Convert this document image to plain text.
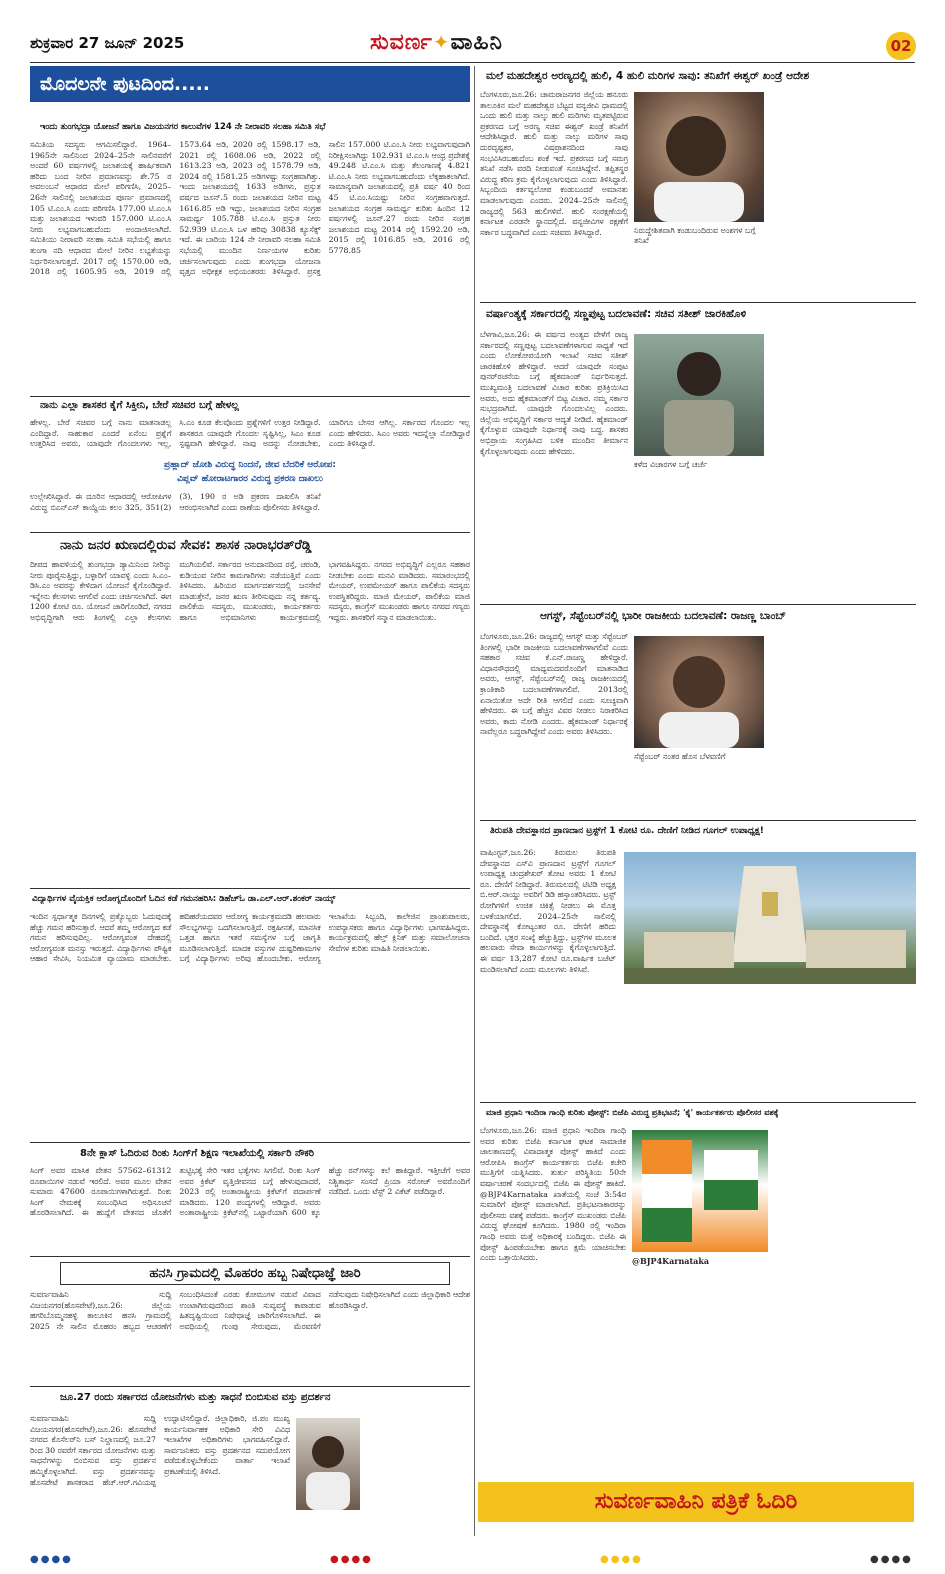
ಶುಕ್ರವಾರ 27 ಜೂನ್ 2025	ಸುವರ್ಣ✦ವಾಹಿನಿ	02
ಮೊದಲನೇ ಪುಟದಿಂದ.....
ಇಂದು ತುಂಗಭದ್ರಾ ಯೋಜನೆ ಹಾಗೂ ವಿಜಯನಗರ ಕಾಲುವೆಗಳ 124 ನೇ ನೀರಾವರಿ ಸಲಹಾ ಸಮಿತಿ ಸಭೆ
ಸಮಿತಿಯ ಸದಸ್ಯರು ಆಗಮಿಸಲಿದ್ದಾರೆ. 1964–1965ನೇ ಸಾಲಿನಿಂದ 2024–25ನೇ ಸಾಲಿನವರೆಗೆ ಅಂದರೆ 60 ವರ್ಷಗಳಲ್ಲಿ ಜಲಾಶಯಕ್ಕೆ ಹಾರ್ಷಿಕವಾಗಿ ಹರಿದು ಬಂದ ನೀರಿನ ಪ್ರಮಾಣವನ್ನು ಶೇ.75 ರ ಅವಲಂಬನೆ ಆಧಾರದ ಮೇಲೆ ಪರಿಗಣಿಸಿ, 2025–26ನೇ ಸಾಲಿನಲ್ಲಿ ಜಲಾಶಯದ ಪೂರ್ಣ ಪ್ರಮಾಣದಲ್ಲಿ 105 ಟಿ.ಎಂ.ಸಿ ಎಂದು ಪರಿಗಣಿಸಿ 177.00 ಟಿ.ಎಂ.ಸಿ ಮತ್ತು ಜಲಾಶಯದ ಇಳುವರಿ 157.000 ಟಿ.ಎಂ.ಸಿ ನೀರು ಲಭ್ಯವಾಗಬಹುದೆಂದು ಅಂದಾಜಿಸಲಾಗಿದೆ. ಸಮಿತಿಯು ನೀರಾವರಿ ಸಲಹಾ ಸಮಿತಿ ಸಭೆಯಲ್ಲಿ ಹಾಗೂ ತುಂಗಾ ನದಿ ಆಧಾರದ ಮೇಲೆ ನೀರಿನ ಲಭ್ಯತೆಯನ್ನು ನಿರ್ಧರಿಸಲಾಗುತ್ತದೆ. 2017 ರಲ್ಲಿ 1570.00 ಅಡಿ, 2018 ರಲ್ಲಿ 1605.95 ಅಡಿ, 2019 ರಲ್ಲಿ 1573.64 ಅಡಿ, 2020 ರಲ್ಲಿ 1598.17 ಅಡಿ, 2021 ರಲ್ಲಿ 1608.06 ಅಡಿ, 2022 ರಲ್ಲಿ 1613.23 ಅಡಿ, 2023 ರಲ್ಲಿ 1578.79 ಅಡಿ, 2024 ರಲ್ಲಿ 1581.25 ಅಡಿಗಳಷ್ಟು ಸಂಗ್ರಹವಾಗಿತ್ತು. ಇಂದು ಜಲಾಶಯದಲ್ಲಿ 1633 ಅಡಿಗಳು, ಪ್ರಸ್ತುತ ವರ್ಷದ ಜೂನ್.5 ರಂದು ಜಲಾಶಯದ ನೀರಿನ ಮಟ್ಟ 1616.85 ಅಡಿ ಇದ್ದು, ಜಲಾಶಯದ ನೀರಿನ ಸಂಗ್ರಹ ಸಾಮರ್ಥ್ಯ 105.788 ಟಿ.ಎಂ.ಸಿ ಪ್ರಸ್ತುತ ನೀರು 52.939 ಟಿ.ಎಂ.ಸಿ ಒಳ ಹರಿವು 30838 ಕ್ಯೂಸೆಕ್ಸ್ ಇದೆ. ಈ ಬಾರಿಯ 124 ನೇ ನೀರಾವರಿ ಸಲಹಾ ಸಮಿತಿ ಸಭೆಯಲ್ಲಿ ಮುಂದಿನ ನಿರ್ಣಯಗಳ ಕುರಿತು ಚರ್ಚಿಸಲಾಗುವುದು ಎಂದು ತುಂಗಭದ್ರಾ ಯೋಜನಾ ವೃತ್ತದ ಅಧೀಕ್ಷಕ ಅಭಿಯಂತರರು ತಿಳಿಸಿದ್ದಾರೆ. ಪ್ರಸಕ್ತ ಸಾಲಿನ 157.000 ಟಿ.ಎಂ.ಸಿ ನೀರು ಲಭ್ಯವಾಗುವುದಾಗಿ ನಿರೀಕ್ಷಿಸಲಾಗಿದ್ದು 102.931 ಟಿ.ಎಂ.ಸಿ ಆಂಧ್ರ ಪ್ರದೇಶಕ್ಕೆ 49.248 ಟಿ.ಎಂ.ಸಿ ಮತ್ತು ತೆಲಂಗಾಣಕ್ಕೆ 4.821 ಟಿ.ಎಂ.ಸಿ ನೀರು ಲಭ್ಯವಾಗಬಹುದೆಂದು ಲೆಕ್ಕಹಾಕಲಾಗಿದೆ. ಸಾಮಾನ್ಯವಾಗಿ ಜಲಾಶಯದಲ್ಲಿ ಪ್ರತಿ ವರ್ಷ 40 ರಿಂದ 45 ಟಿ.ಎಂ.ಸಿಯಷ್ಟು ನೀರಿನ ಸಂಗ್ರಹವಾಗುತ್ತದೆ. ಜಲಾಶಯದ ಸಂಗ್ರಹ ಸಾಮರ್ಥ್ಯ ಕುರಿತು ಹಿಂದಿನ 12 ವರ್ಷಗಳಲ್ಲಿ ಜೂನ್.27 ರಂದು ನೀರಿನ ಸಂಗ್ರಹ ಜಲಾಶಯದ ಮಟ್ಟ 2014 ರಲ್ಲಿ 1592.20 ಅಡಿ, 2015 ರಲ್ಲಿ 1016.85 ಅಡಿ, 2016 ರಲ್ಲಿ 5778.85
ನಾನು ಎಲ್ಲಾ ಶಾಸಕರ ಕೈಗೆ ಸಿಕ್ತೀನಿ, ಬೇರೆ ಸಚಿವರ ಬಗ್ಗೆ ಹೇಳಲ್ಲ
ಹೇಳಲ್ಲ. ಬೇರೆ ಸಚಿವರ ಬಗ್ಗೆ ನಾನು ಮಾತನಾಡಲ್ಲ ಎಂದಿದ್ದಾರೆ. ಸಾಹುಕಾರ ಎಂದರೆ ಏನೆಂಬ ಪ್ರಶ್ನೆಗೆ ಉತ್ತರಿಸಿದ ಅವರು, ಯಾವುದೇ ಗೊಂದಲಗಳು ಇಲ್ಲ, ಸಿ.ಎಂ ಕೂಡ ಕೆಲವೊಂದು ಪ್ರಶ್ನೆಗಳಿಗೆ ಉತ್ತರ ನೀಡಿದ್ದಾರೆ. ಶಾಸಕರೂ ಯಾವುದೇ ಗೊಂದಲ ಸೃಷ್ಟಿಸಿಲ್ಲ, ಸಿಎಂ ಕೂಡ ಸ್ಪಷ್ಟವಾಗಿ ಹೇಳಿದ್ದಾರೆ. ನಾವು ಅದನ್ನು ನೋಡಬೇಕು, ಯಾರಿಗೂ ಬೇಸರ ಆಗಿಲ್ಲ. ಸರ್ಕಾರದ ಗೊಂದಲ ಇಲ್ಲ ಎಂದು ಹೇಳಿದರು. ಸಿಎಂ ಅವರು ಇದನ್ನೆಲ್ಲಾ ನೋಡಿದ್ದಾರೆ ಎಂದು ತಿಳಿಸಿದ್ದಾರೆ.
ಪ್ರಹ್ಲಾದ್ ಜೋಶಿ ವಿರುದ್ಧ ನಿಂದನೆ, ಜೀವ ಬೆದರಿಕೆ ಆರೋಪ:
ವಿಪ್ಲವ್ ಹೋರಾಟಗಾರರ ವಿರುದ್ಧ ಪ್ರಕರಣ ದಾಖಲು
ಉಲ್ಲೇಖಿಸಿದ್ದಾರೆ. ಈ ದೂರಿನ ಆಧಾರದಲ್ಲಿ ಆರೋಪಿಗಳ ವಿರುದ್ಧ ಬಿಎನ್‌ಎಸ್ ಕಾಯ್ದೆಯ ಕಲಂ 325, 351(2)(3), 190 ರ ಅಡಿ ಪ್ರಕರಣ ದಾಖಲಿಸಿ ತನಿಖೆ ಆರಂಭಿಸಲಾಗಿದೆ ಎಂದು ಠಾಣೆಯ ಪೊಲೀಸರು ತಿಳಿಸಿದ್ದಾರೆ.
ನಾನು ಜನರ ಋಣದಲ್ಲಿರುವ ಸೇವಕ: ಶಾಸಕ ನಾರಾಭರತ್‌ರೆಡ್ಡಿ
ದೀಪದ ಹಾವಳಿಯಲ್ಲಿ ತುಂಗಭದ್ರಾ ಡ್ಯಾಮಿನಿಂದ ನೀರಿನ್ನು ನೀರು ಪೂರೈಸುತ್ತಿದ್ದು, ಬಳ್ಳಾರಿಗೆ ಯಾವಳ್ಳಿ ಎಂದು ಸಿ.ಎಂ–ಡಿಸಿ.ಎಂ ಅವರನ್ನು ಕೇಳಿದಾಗ ಯೋಜನೆ ಕೈಗೊಂಡಿದ್ದಾರೆ. ಇನ್ನೇನು ಕೆಲಸಗಳು ಆಗಲಿವೆ ಎಂದು ಚರ್ಚಿಸಲಾಗಿದೆ. ಈಗ 1200 ಕೋಟಿ ರೂ. ಯೋಜನೆ ಜಾರಿಗೊಂಡಿದೆ, ನಗರದ ಅಭಿವೃದ್ಧಿಗಾಗಿ ಆರು ತಿಂಗಳಲ್ಲಿ ಎಲ್ಲಾ ಕೆಲಸಗಳು ಮುಗಿಯಲಿವೆ. ಸರ್ಕಾರದ ಅನುದಾನದಿಂದ ರಸ್ತೆ, ಚರಂಡಿ, ಕುಡಿಯುವ ನೀರಿನ ಕಾಮಗಾರಿಗಳು ನಡೆಯುತ್ತಿವೆ ಎಂದು ತಿಳಿಸಿದರು. ಹಿರಿಯರ ಮಾರ್ಗದರ್ಶನದಲ್ಲಿ ಜನಸೇವೆ ಮಾಡುತ್ತೇನೆ, ಜನರ ಋಣ ತೀರಿಸುವುದು ನನ್ನ ಕರ್ತವ್ಯ. ಪಾಲಿಕೆಯ ಸದಸ್ಯರು, ಮುಖಂಡರು, ಕಾರ್ಯಕರ್ತರು ಹಾಗೂ ಅಭಿಮಾನಿಗಳು ಕಾರ್ಯಕ್ರಮದಲ್ಲಿ ಭಾಗವಹಿಸಿದ್ದರು. ನಗರದ ಅಭಿವೃದ್ಧಿಗೆ ಎಲ್ಲರೂ ಸಹಕಾರ ನೀಡಬೇಕು ಎಂದು ಮನವಿ ಮಾಡಿದರು. ಸಮಾರಂಭದಲ್ಲಿ ಮೇಯರ್, ಉಪಮೇಯರ್ ಹಾಗೂ ಪಾಲಿಕೆಯ ಸದಸ್ಯರು ಉಪಸ್ಥಿತರಿದ್ದರು. ಮಾಜಿ ಮೇಯರ್, ಪಾಲಿಕೆಯ ಮಾಜಿ ಸದಸ್ಯರು, ಕಾಂಗ್ರೆಸ್ ಮುಖಂಡರು ಹಾಗೂ ನಗರದ ಗಣ್ಯರು ಇದ್ದರು. ಶಾಸಕರಿಗೆ ಸನ್ಮಾನ ಮಾಡಲಾಯಿತು.
ವಿದ್ಯಾರ್ಥಿಗಳ ವೈಯಕ್ತಿಕ ಆರೋಗ್ಯದೊಂದಿಗೆ ಓದಿನ ಕಡೆ ಗಮನಹರಿಸಿ: ಡಿಹೆಚ್‌ಓ ಡಾ.ಎಲ್.ಆರ್.ಶಂಕರ್ ನಾಯ್ಕ್
ಇಂದಿನ ಸ್ಪರ್ಧಾತ್ಮಕ ದಿನಗಳಲ್ಲಿ ಪ್ರತ್ಯೊಬ್ಬರು ಓದುವುದಕ್ಕೆ ಹೆಚ್ಚು ಗಮನ ಹರಿಸುತ್ತಾರೆ. ಆದರೆ ತಮ್ಮ ಆರೋಗ್ಯದ ಕಡೆ ಗಮನ ಹರಿಸುವುದಿಲ್ಲ. ಆರೋಗ್ಯವಂತ ದೇಹದಲ್ಲಿ ಆರೋಗ್ಯವಂತ ಮನಸ್ಸು ಇರುತ್ತದೆ. ವಿದ್ಯಾರ್ಥಿಗಳು ಪೌಷ್ಟಿಕ ಆಹಾರ ಸೇವಿಸಿ, ನಿಯಮಿತ ವ್ಯಾಯಾಮ ಮಾಡಬೇಕು. ಹದಿಹರೆಯದವರ ಆರೋಗ್ಯ ಕಾರ್ಯಕ್ರಮದಡಿ ಹಲವಾರು ಸೌಲಭ್ಯಗಳನ್ನು ಒದಗಿಸಲಾಗುತ್ತಿದೆ. ರಕ್ತಹೀನತೆ, ಮಾನಸಿಕ ಒತ್ತಡ ಹಾಗೂ ಇತರೆ ಸಮಸ್ಯೆಗಳ ಬಗ್ಗೆ ಜಾಗೃತಿ ಮೂಡಿಸಲಾಗುತ್ತಿದೆ. ಮಾದಕ ವಸ್ತುಗಳ ದುಷ್ಪರಿಣಾಮಗಳ ಬಗ್ಗೆ ವಿದ್ಯಾರ್ಥಿಗಳು ಅರಿವು ಹೊಂದಬೇಕು. ಆರೋಗ್ಯ ಇಲಾಖೆಯ ಸಿಬ್ಬಂದಿ, ಕಾಲೇಜಿನ ಪ್ರಾಂಶುಪಾಲರು, ಉಪನ್ಯಾಸಕರು ಹಾಗೂ ವಿದ್ಯಾರ್ಥಿಗಳು ಭಾಗವಹಿಸಿದ್ದರು. ಕಾರ್ಯಕ್ರಮದಲ್ಲಿ ಹೆಲ್ತ್ ಕ್ಲಿನಿಕ್ ಮತ್ತು ಸಮಾಲೋಚನಾ ಸೇವೆಗಳ ಕುರಿತು ಮಾಹಿತಿ ನೀಡಲಾಯಿತು.
8ನೇ ಕ್ಲಾಸ್ ಓದಿರುವ ರಿಂಕು ಸಿಂಗ್‌ಗೆ ಶಿಕ್ಷಣ ಇಲಾಖೆಯಲ್ಲಿ ಸರ್ಕಾರಿ ನೌಕರಿ
ಸಿಂಗ್ ಅವರ ಮಾಸಿಕ ವೇತನ 57562–61312 ರೂಪಾಯಿಗಳ ನಡುವೆ ಇರಲಿದೆ. ಅವರ ಮೂಲ ವೇತನ ಸುಮಾರು 47600 ರೂಪಾಯಿಗಳಾಗಿರುತ್ತದೆ. ರಿಂಕು ಸಿಂಗ್ ನೇಮಕಕ್ಕೆ ಸಂಬಂಧಿಸಿದ ಅಧಿಸೂಚನೆ ಹೊರಡಿಸಲಾಗಿದೆ. ಈ ಹುದ್ದೆಗೆ ವೇತನದ ಜೊತೆಗೆ ತುಟ್ಟಿಭತ್ಯೆ ಸೇರಿ ಇತರ ಭತ್ಯೆಗಳು ಸಿಗಲಿವೆ. ರಿಂಕು ಸಿಂಗ್ ಅವರ ಕ್ರಿಕೆಟ್ ವೃತ್ತಿಜೀವನದ ಬಗ್ಗೆ ಹೇಳುವುದಾದರೆ, 2023 ರಲ್ಲಿ ಅಂತಾರಾಷ್ಟ್ರೀಯ ಕ್ರಿಕೆಟ್‌ಗೆ ಪದಾರ್ಪಣೆ ಮಾಡಿದರು. 120 ಪಂದ್ಯಗಳಲ್ಲಿ ಆಡಿದ್ದಾರೆ. ಅವರು ಅಂತಾರಾಷ್ಟ್ರೀಯ ಕ್ರಿಕೆಟ್‌ನಲ್ಲಿ ಒಟ್ಟಾರೆಯಾಗಿ 600 ಕ್ಕೂ ಹೆಚ್ಚು ರನ್‌ಗಳನ್ನು ಕಲೆ ಹಾಕಿದ್ದಾರೆ. ಇತ್ತೀಚೆಗೆ ಅವರ ನಿಶ್ಚಿತಾರ್ಥ ಸಂಸದೆ ಪ್ರಿಯಾ ಸರೋಜ್ ಅವರೊಂದಿಗೆ ನಡೆದಿದೆ. ಒಂದು ಟೆಸ್ಟ್ 2 ವಿಕೆಟ್ ಪಡೆದಿದ್ದಾರೆ.
ಹನಸಿ ಗ್ರಾಮದಲ್ಲಿ ಮೊಹರಂ ಹಬ್ಬ ನಿಷೇಧಾಜ್ಞೆ ಜಾರಿ
ಸುವರ್ಣವಾಹಿನಿ ಸುದ್ದಿ ವಿಜಯನಗರ(ಹೊಸಪೇಟೆ),ಜೂ.26: ಜಿಲ್ಲೆಯ ಹಗರಿಬೊಮ್ಮನಹಳ್ಳಿ ತಾಲೂಕಿನ ಹನಸಿ ಗ್ರಾಮದಲ್ಲಿ 2025 ನೇ ಸಾಲಿನ ಮೊಹರಂ ಹಬ್ಬದ ಆಚರಣೆಗೆ ಸಂಬಂಧಿಸಿದಂತೆ ಎರಡು ಕೋಮುಗಳ ನಡುವೆ ವಿವಾದ ಉಂಟಾಗಿರುವುದರಿಂದ ಶಾಂತಿ ಸುವ್ಯವಸ್ಥೆ ಕಾಪಾಡುವ ಹಿತದೃಷ್ಟಿಯಿಂದ ನಿಷೇಧಾಜ್ಞೆ ಜಾರಿಗೊಳಿಸಲಾಗಿದೆ. ಈ ಅವಧಿಯಲ್ಲಿ ಗುಂಪು ಸೇರುವುದು, ಮೆರವಣಿಗೆ ನಡೆಸುವುದು ನಿಷೇಧಿಸಲಾಗಿದೆ ಎಂದು ಜಿಲ್ಲಾಧಿಕಾರಿ ಆದೇಶ ಹೊರಡಿಸಿದ್ದಾರೆ.
ಜೂ.27 ರಂದು ಸರ್ಕಾರದ ಯೋಜನೆಗಳು ಮತ್ತು ಸಾಧನೆ ಬಿಂಬಿಸುವ ವಸ್ತು ಪ್ರದರ್ಶನ
ಸುವರ್ಣವಾಹಿನಿ ಸುದ್ದಿ ವಿಜಯನಗರ(ಹೊಸಪೇಟೆ),ಜೂ.26: ಹೊಸಪೇಟೆ ನಗರದ ಕೊಸೆಲರ್‌ನಿ ಬಸ್ ನಿಲ್ದಾಣದಲ್ಲಿ ಜೂ.27 ರಿಂದ 30 ರವರೆಗೆ ಸರ್ಕಾರದ ಯೋಜನೆಗಳು ಮತ್ತು ಸಾಧನೆಗಳನ್ನು ಬಿಂಬಿಸುವ ವಸ್ತು ಪ್ರದರ್ಶನ ಹಮ್ಮಿಕೊಳ್ಳಲಾಗಿದೆ. ವಸ್ತು ಪ್ರದರ್ಶನವನ್ನು ಹೊಸಪೇಟೆ ಶಾಸಕರಾದ ಹೆಚ್.ಆರ್.ಗವಿಯಪ್ಪ ಉದ್ಘಾಟಿಸಲಿದ್ದಾರೆ. ಜಿಲ್ಲಾಧಿಕಾರಿ, ಜಿ.ಪಂ ಮುಖ್ಯ ಕಾರ್ಯನಿರ್ವಾಹಕ ಅಧಿಕಾರಿ ಸೇರಿ ವಿವಿಧ ಇಲಾಖೆಗಳ ಅಧಿಕಾರಿಗಳು ಭಾಗವಹಿಸಲಿದ್ದಾರೆ. ಸಾರ್ವಜನಿಕರು ವಸ್ತು ಪ್ರದರ್ಶನದ ಸದುಪಯೋಗ ಪಡೆದುಕೊಳ್ಳಬೇಕೆಂದು ವಾರ್ತಾ ಇಲಾಖೆ ಪ್ರಕಟಣೆಯಲ್ಲಿ ತಿಳಿಸಿದೆ.
ಮಲೆ ಮಹದೇಶ್ವರ ಅರಣ್ಯದಲ್ಲಿ ಹುಲಿ, 4 ಹುಲಿ ಮರಿಗಳ ಸಾವು: ತನಿಖೆಗೆ ಈಶ್ವರ್ ಖಂಡ್ರೆ ಆದೇಶ
ಬೆಂಗಳೂರು,ಜೂ.26: ಚಾಮರಾಜನಗರ ಜಿಲ್ಲೆಯ ಹನೂರು ತಾಲೂಕಿನ ಮಲೆ ಮಹದೇಶ್ವರ ಬೆಟ್ಟದ ವನ್ಯಜೀವಿ ಧಾಮದಲ್ಲಿ ಒಂದು ಹುಲಿ ಮತ್ತು ನಾಲ್ಕು ಹುಲಿ ಮರಿಗಳು ಮೃತಪಟ್ಟಿರುವ ಪ್ರಕರಣದ ಬಗ್ಗೆ ಅರಣ್ಯ ಸಚಿವ ಈಶ್ವರ್ ಖಂಡ್ರೆ ತನಿಖೆಗೆ ಆದೇಶಿಸಿದ್ದಾರೆ. ಹುಲಿ ಮತ್ತು ನಾಲ್ಕು ಮರಿಗಳ ಸಾವು ದುರದೃಷ್ಟಕರ, ವಿಷಪ್ರಾಶನದಿಂದ ಸಾವು ಸಂಭವಿಸಿರಬಹುದೆಂಬ ಶಂಕೆ ಇದೆ. ಪ್ರಕರಣದ ಬಗ್ಗೆ ಸಮಗ್ರ ತನಿಖೆ ನಡೆಸಿ ವರದಿ ನೀಡುವಂತೆ ಸೂಚಿಸಿದ್ದೇನೆ. ತಪ್ಪಿತಸ್ಥರ ವಿರುದ್ಧ ಕಠಿಣ ಕ್ರಮ ಕೈಗೊಳ್ಳಲಾಗುವುದು ಎಂದು ತಿಳಿಸಿದ್ದಾರೆ. ಸಿಬ್ಬಂದಿಯ ಕರ್ತವ್ಯಲೋಪ ಕಂಡುಬಂದರೆ ಅಮಾನತು ಮಾಡಲಾಗುವುದು ಎಂದರು. 2024–25ನೇ ಸಾಲಿನಲ್ಲಿ ರಾಜ್ಯದಲ್ಲಿ 563 ಹುಲಿಗಳಿವೆ. ಹುಲಿ ಸಂರಕ್ಷಣೆಯಲ್ಲಿ ಕರ್ನಾಟಕ ಎರಡನೇ ಸ್ಥಾನದಲ್ಲಿದೆ. ವನ್ಯಜೀವಿಗಳ ರಕ್ಷಣೆಗೆ ಸರ್ಕಾರ ಬದ್ಧವಾಗಿದೆ ಎಂದು ಸಚಿವರು ತಿಳಿಸಿದ್ದಾರೆ.	ನಿರುದ್ದೇಶಿತವಾಗಿ ಕಂಡುಬಂದಿರುವ ಅಂಶಗಳ ಬಗ್ಗೆ ತನಿಖೆ
ವರ್ಷಾಂತ್ಯಕ್ಕೆ ಸರ್ಕಾರದಲ್ಲಿ ಸಣ್ಣಪುಟ್ಟ ಬದಲಾವಣೆ: ಸಚಿವ ಸತೀಶ್ ಜಾರಕಿಹೊಳಿ
ಬೆಳಗಾವಿ,ಜೂ.26: ಈ ವರ್ಷದ ಅಂತ್ಯದ ವೇಳೆಗೆ ರಾಜ್ಯ ಸರ್ಕಾರದಲ್ಲಿ ಸಣ್ಣಪುಟ್ಟ ಬದಲಾವಣೆಗಳಾಗುವ ಸಾಧ್ಯತೆ ಇದೆ ಎಂದು ಲೋಕೋಪಯೋಗಿ ಇಲಾಖೆ ಸಚಿವ ಸತೀಶ್ ಜಾರಕಿಹೊಳಿ ಹೇಳಿದ್ದಾರೆ. ಆದರೆ ಯಾವುದೇ ಸಂಪುಟ ಪುನರ್‌ರಚನೆಯ ಬಗ್ಗೆ ಹೈಕಮಾಂಡ್ ನಿರ್ಧರಿಸುತ್ತದೆ. ಮುಖ್ಯಮಂತ್ರಿ ಬದಲಾವಣೆ ವಿಚಾರ ಕುರಿತು ಪ್ರತಿಕ್ರಿಯಿಸಿದ ಅವರು, ಅದು ಹೈಕಮಾಂಡ್‌ಗೆ ಬಿಟ್ಟ ವಿಚಾರ. ನಮ್ಮ ಸರ್ಕಾರ ಸುಭದ್ರವಾಗಿದೆ. ಯಾವುದೇ ಗೊಂದಲವಿಲ್ಲ ಎಂದರು. ಜಿಲ್ಲೆಯ ಅಭಿವೃದ್ಧಿಗೆ ಸರ್ಕಾರ ಆದ್ಯತೆ ನೀಡಿದೆ. ಹೈಕಮಾಂಡ್ ಕೈಗೊಳ್ಳುವ ಯಾವುದೇ ನಿರ್ಧಾರಕ್ಕೆ ನಾವು ಬದ್ಧ. ಶಾಸಕರ ಅಭಿಪ್ರಾಯ ಸಂಗ್ರಹಿಸಿದ ಬಳಿಕ ಮುಂದಿನ ತೀರ್ಮಾನ ಕೈಗೊಳ್ಳಲಾಗುವುದು ಎಂದು ಹೇಳಿದರು.
ಕಳೆದ ವಿಚಾರಗಳ ಬಗ್ಗೆ ಚರ್ಚೆ
ಆಗಸ್ಟ್, ಸೆಪ್ಟೆಂಬರ್‌ನಲ್ಲಿ ಭಾರೀ ರಾಜಕೀಯ ಬದಲಾವಣೆ: ರಾಜಣ್ಣ ಬಾಂಬ್
ಬೆಂಗಳೂರು,ಜೂ.26: ರಾಜ್ಯದಲ್ಲಿ ಆಗಸ್ಟ್ ಮತ್ತು ಸೆಪ್ಟೆಂಬರ್ ತಿಂಗಳಲ್ಲಿ ಭಾರೀ ರಾಜಕೀಯ ಬದಲಾವಣೆಗಳಾಗಲಿವೆ ಎಂದು ಸಹಕಾರ ಸಚಿವ ಕೆ.ಎನ್.ರಾಜಣ್ಣ ಹೇಳಿದ್ದಾರೆ. ವಿಧಾನಸೌಧದಲ್ಲಿ ಮಾಧ್ಯಮದವರೊಂದಿಗೆ ಮಾತನಾಡಿದ ಅವರು, ಆಗಸ್ಟ್, ಸೆಪ್ಟೆಂಬರ್‌ನಲ್ಲಿ ರಾಜ್ಯ ರಾಜಕೀಯದಲ್ಲಿ ಕ್ರಾಂತಿಕಾರಿ ಬದಲಾವಣೆಗಳಾಗಲಿವೆ. 2013ರಲ್ಲಿ ಏನಾಯಿತೋ ಅದೇ ರೀತಿ ಆಗಲಿದೆ ಎಂದು ಸೂಚ್ಯವಾಗಿ ಹೇಳಿದರು. ಈ ಬಗ್ಗೆ ಹೆಚ್ಚಿನ ವಿವರ ನೀಡಲು ನಿರಾಕರಿಸಿದ ಅವರು, ಕಾದು ನೋಡಿ ಎಂದರು. ಹೈಕಮಾಂಡ್ ನಿರ್ಧಾರಕ್ಕೆ ನಾವೆಲ್ಲರೂ ಬದ್ಧರಾಗಿದ್ದೇವೆ ಎಂದು ಅವರು ತಿಳಿಸಿದರು.
ಸೆಪ್ಟೆಂಬರ್ ನಂತರ ಹೊಸ ಬೆಳವಣಿಗೆ
ತಿರುಪತಿ ದೇವಸ್ಥಾನದ ಪ್ರಾಣದಾನ ಟ್ರಸ್ಟ್‌ಗೆ 1 ಕೋಟಿ ರೂ. ದೇಣಿಗೆ ನೀಡಿದ ಗೂಗಲ್ ಉಪಾಧ್ಯಕ್ಷ!
ವಾಷಿಂಗ್ಟನ್,ಜೂ.26: ತಿರುಮಲ ತಿರುಪತಿ ದೇವಸ್ಥಾನದ ಎಸ್‌ವಿ ಪ್ರಾಣದಾನ ಟ್ರಸ್ಟ್‌ಗೆ ಗೂಗಲ್ ಉಪಾಧ್ಯಕ್ಷ ಚಂದ್ರಶೇಖರ್ ತೋಟ ಅವರು 1 ಕೋಟಿ ರೂ. ದೇಣಿಗೆ ನೀಡಿದ್ದಾರೆ. ತಿರುಮಲದಲ್ಲಿ ಟಿಟಿಡಿ ಅಧ್ಯಕ್ಷ ಬಿ.ಆರ್.ನಾಯ್ಡು ಅವರಿಗೆ ಡಿಡಿ ಹಸ್ತಾಂತರಿಸಿದರು. ಟ್ರಸ್ಟ್ ರೋಗಿಗಳಿಗೆ ಉಚಿತ ಚಿಕಿತ್ಸೆ ನೀಡಲು ಈ ಮೊತ್ತ ಬಳಕೆಯಾಗಲಿದೆ. 2024–25ನೇ ಸಾಲಿನಲ್ಲಿ ದೇವಸ್ಥಾನಕ್ಕೆ ಕೋಟ್ಯಂತರ ರೂ. ದೇಣಿಗೆ ಹರಿದು ಬಂದಿದೆ. ಭಕ್ತರ ಸಂಖ್ಯೆ ಹೆಚ್ಚುತ್ತಿದ್ದು, ಟ್ರಸ್ಟ್‌ಗಳ ಮೂಲಕ ಹಲವಾರು ಸೇವಾ ಕಾರ್ಯಗಳನ್ನು ಕೈಗೊಳ್ಳಲಾಗುತ್ತಿದೆ. ಈ ವರ್ಷ 13,287 ಕೋಟಿ ರೂ.ವಾರ್ಷಿಕ ಬಜೆಟ್ ಮಂಡಿಸಲಾಗಿದೆ ಎಂದು ಮೂಲಗಳು ತಿಳಿಸಿವೆ.
ಮಾಜಿ ಪ್ರಧಾನಿ ಇಂದಿರಾ ಗಾಂಧಿ ಕುರಿತು ಪೋಸ್ಟ್: ಬಿಜೆಪಿ ವಿರುದ್ಧ ಪ್ರತಿಭಟನೆ; 'ಕೈ' ಕಾರ್ಯಕರ್ತರು ಪೊಲೀಸರ ವಶಕ್ಕೆ
ಬೆಂಗಳೂರು,ಜೂ.26: ಮಾಜಿ ಪ್ರಧಾನಿ ಇಂದಿರಾ ಗಾಂಧಿ ಅವರ ಕುರಿತು ಬಿಜೆಪಿ ಕರ್ನಾಟಕ ಘಟಕ ಸಾಮಾಜಿಕ ಜಾಲತಾಣದಲ್ಲಿ ವಿವಾದಾತ್ಮಕ ಪೋಸ್ಟ್ ಹಾಕಿದೆ ಎಂದು ಆರೋಪಿಸಿ ಕಾಂಗ್ರೆಸ್ ಕಾರ್ಯಕರ್ತರು ಬಿಜೆಪಿ ಕಚೇರಿ ಮುತ್ತಿಗೆಗೆ ಯತ್ನಿಸಿದರು. ತುರ್ತು ಪರಿಸ್ಥಿತಿಯ 50ನೇ ವರ್ಷಾಚರಣೆ ಸಂದರ್ಭದಲ್ಲಿ ಬಿಜೆಪಿ ಈ ಪೋಸ್ಟ್ ಹಾಕಿದೆ. @BJP4Karnataka ಖಾತೆಯಲ್ಲಿ ಸಂಜೆ 3:54ರ ಸುಮಾರಿಗೆ ಪೋಸ್ಟ್ ಮಾಡಲಾಗಿದೆ. ಪ್ರತಿಭಟನಾಕಾರರನ್ನು ಪೊಲೀಸರು ವಶಕ್ಕೆ ಪಡೆದರು. ಕಾಂಗ್ರೆಸ್ ಮುಖಂಡರು ಬಿಜೆಪಿ ವಿರುದ್ಧ ಘೋಷಣೆ ಕೂಗಿದರು. 1980 ರಲ್ಲಿ ಇಂದಿರಾ ಗಾಂಧಿ ಅವರು ಮತ್ತೆ ಅಧಿಕಾರಕ್ಕೆ ಬಂದಿದ್ದರು. ಬಿಜೆಪಿ ಈ ಪೋಸ್ಟ್ ಹಿಂಪಡೆಯಬೇಕು ಹಾಗೂ ಕ್ಷಮೆ ಯಾಚಿಸಬೇಕು ಎಂದು ಒತ್ತಾಯಿಸಿದರು.	@BJP4Karnataka
ಸುವರ್ಣವಾಹಿನಿ ಪತ್ರಿಕೆ ಓದಿರಿ
●●●●	●●●●	●●●●	●●●●
